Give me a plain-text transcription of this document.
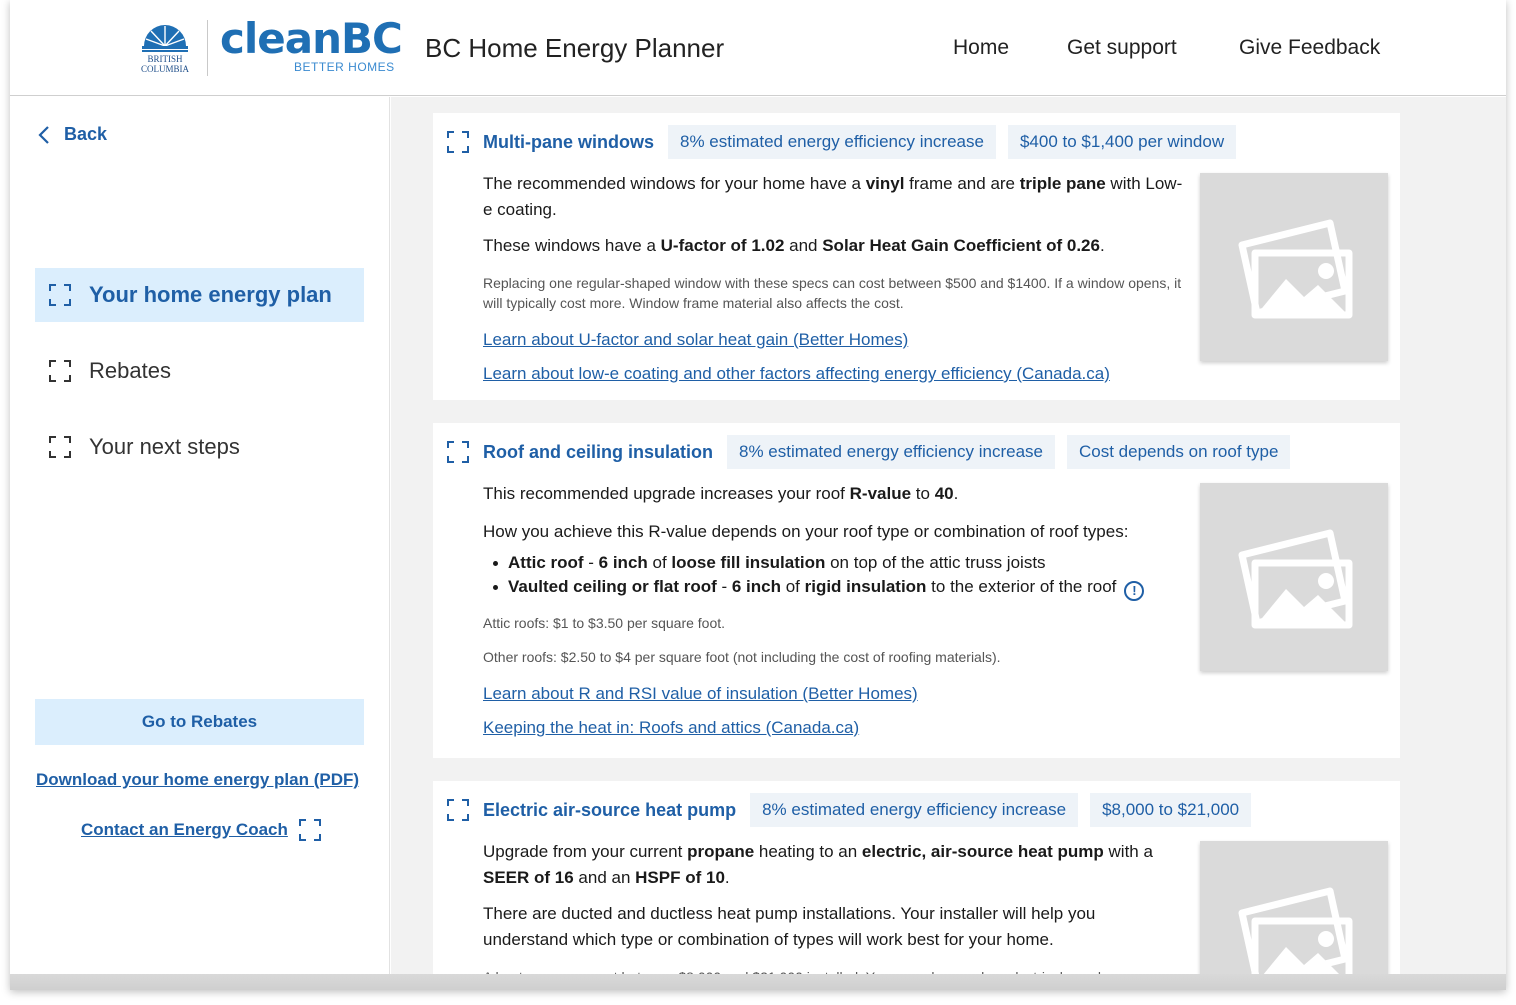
BRITISH
COLUMBIA
cleanBC
BETTER HOMES
BC Home Energy Planner	Home	Get support	Give Feedback
Back
Your home energy plan
Rebates
Your next steps
Go to Rebates
Download your home energy plan (PDF)
Contact an Energy Coach
Multi-pane windows	8% estimated energy efficiency increase	$400 to $1,400 per window

The recommended windows for your home have a vinyl frame and are triple pane with Low-e coating.

These windows have a U-factor of 1.02 and Solar Heat Gain Coefficient of 0.26.

Replacing one regular-shaped window with these specs can cost between $500 and $1400. If a window opens, it will typically cost more. Window frame material also affects the cost.

Learn about U-factor and solar heat gain (Better Homes)

Learn about low-e coating and other factors affecting energy efficiency (Canada.ca)

Roof and ceiling insulation	8% estimated energy efficiency increase	Cost depends on roof type

This recommended upgrade increases your roof R-value to 40.

How you achieve this R-value depends on your roof type or combination of roof types:

Attic roof - 6 inch of loose fill insulation on top of the attic truss joists
Vaulted ceiling or flat roof - 6 inch of rigid insulation to the exterior of the roof !

Attic roofs: $1 to $3.50 per square foot.

Other roofs: $2.50 to $4 per square foot (not including the cost of roofing materials).

Learn about R and RSI value of insulation (Better Homes)

Keeping the heat in: Roofs and attics (Canada.ca)

Electric air-source heat pump	8% estimated energy efficiency increase	$8,000 to $21,000

Upgrade from your current propane heating to an electric, air-source heat pump with a SEER of 16 and an HSPF of 10.

There are ducted and ductless heat pump installations. Your installer will help you understand which type or combination of types will work best for your home.
